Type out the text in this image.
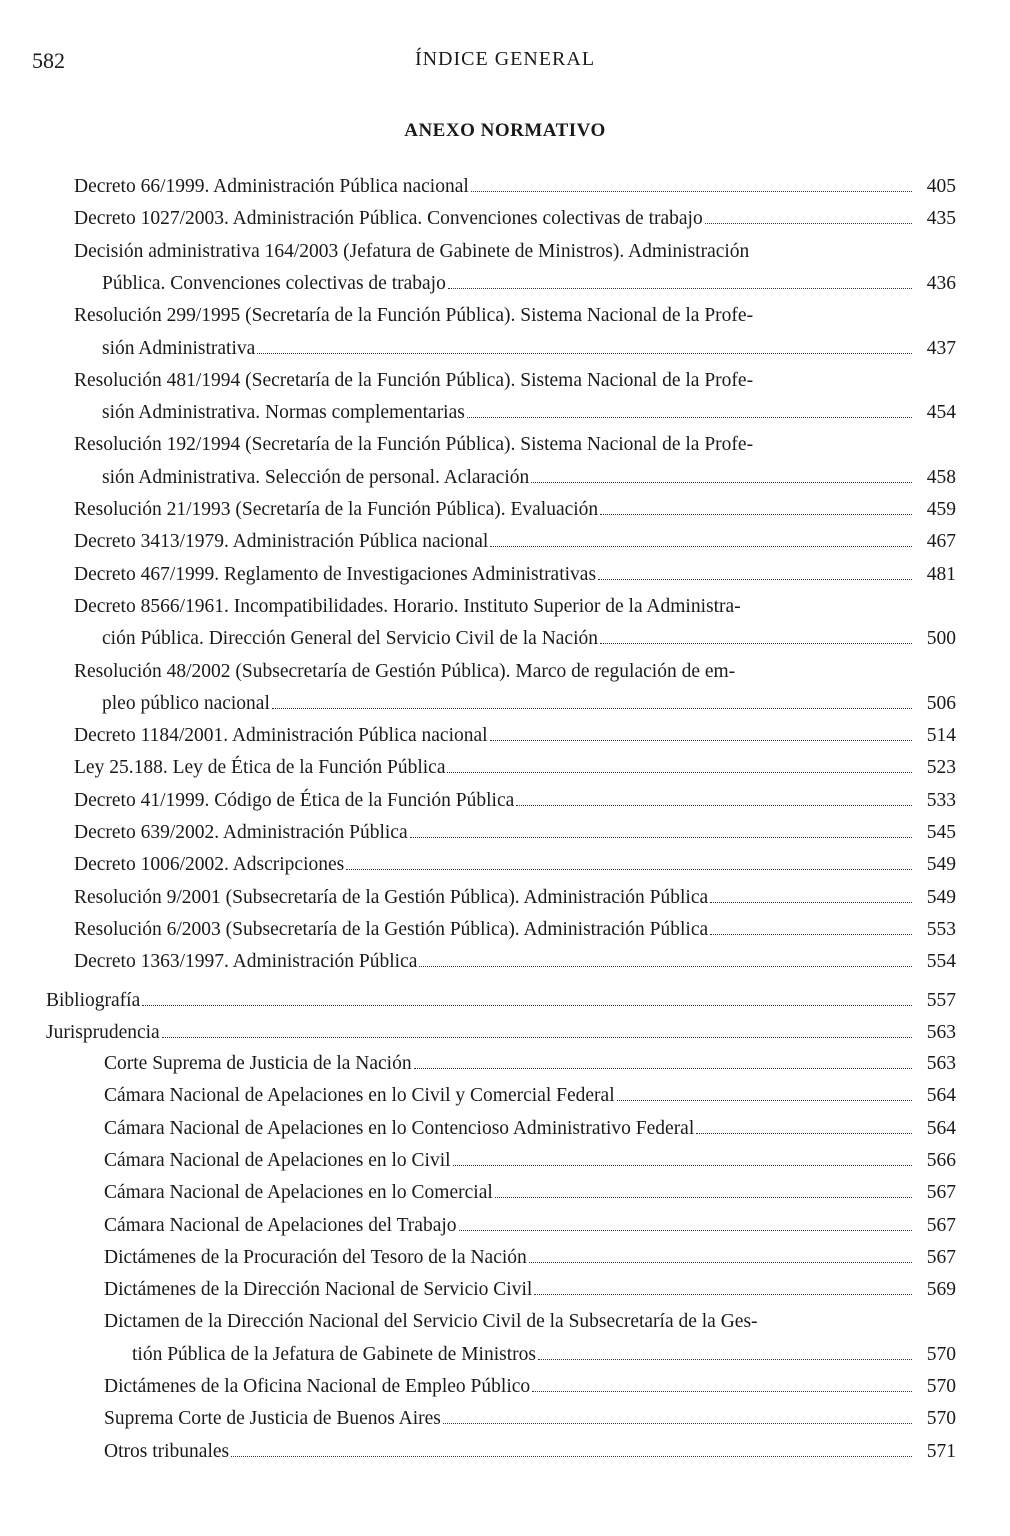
582	ÍNDICE GENERAL
ANEXO NORMATIVO
Decreto 66/1999. Administración Pública nacional	405
Decreto 1027/2003. Administración Pública. Convenciones colectivas de trabajo	435
Decisión administrativa 164/2003 (Jefatura de Gabinete de Ministros). Administración
Pública. Convenciones colectivas de trabajo	436
Resolución 299/1995 (Secretaría de la Función Pública). Sistema Nacional de la Profe-
sión Administrativa	437
Resolución 481/1994 (Secretaría de la Función Pública). Sistema Nacional de la Profe-
sión Administrativa. Normas complementarias	454
Resolución 192/1994 (Secretaría de la Función Pública). Sistema Nacional de la Profe-
sión Administrativa. Selección de personal. Aclaración	458
Resolución 21/1993 (Secretaría de la Función Pública). Evaluación	459
Decreto 3413/1979. Administración Pública nacional	467
Decreto 467/1999. Reglamento de Investigaciones Administrativas	481
Decreto 8566/1961. Incompatibilidades. Horario. Instituto Superior de la Administra-
ción Pública. Dirección General del Servicio Civil de la Nación	500
Resolución 48/2002 (Subsecretaría de Gestión Pública). Marco de regulación de em-
pleo público nacional	506
Decreto 1184/2001. Administración Pública nacional	514
Ley 25.188. Ley de Ética de la Función Pública	523
Decreto 41/1999. Código de Ética de la Función Pública	533
Decreto 639/2002. Administración Pública	545
Decreto 1006/2002. Adscripciones	549
Resolución 9/2001 (Subsecretaría de la Gestión Pública). Administración Pública	549
Resolución 6/2003 (Subsecretaría de la Gestión Pública). Administración Pública	553
Decreto 1363/1997. Administración Pública	554
Bibliografía	557
Jurisprudencia	563
Corte Suprema de Justicia de la Nación	563
Cámara Nacional de Apelaciones en lo Civil y Comercial Federal	564
Cámara Nacional de Apelaciones en lo Contencioso Administrativo Federal	564
Cámara Nacional de Apelaciones en lo Civil	566
Cámara Nacional de Apelaciones en lo Comercial	567
Cámara Nacional de Apelaciones del Trabajo	567
Dictámenes de la Procuración del Tesoro de la Nación	567
Dictámenes de la Dirección Nacional de Servicio Civil	569
Dictamen de la Dirección Nacional del Servicio Civil de la Subsecretaría de la Ges-
tión Pública de la Jefatura de Gabinete de Ministros	570
Dictámenes de la Oficina Nacional de Empleo Público	570
Suprema Corte de Justicia de Buenos Aires	570
Otros tribunales	571
